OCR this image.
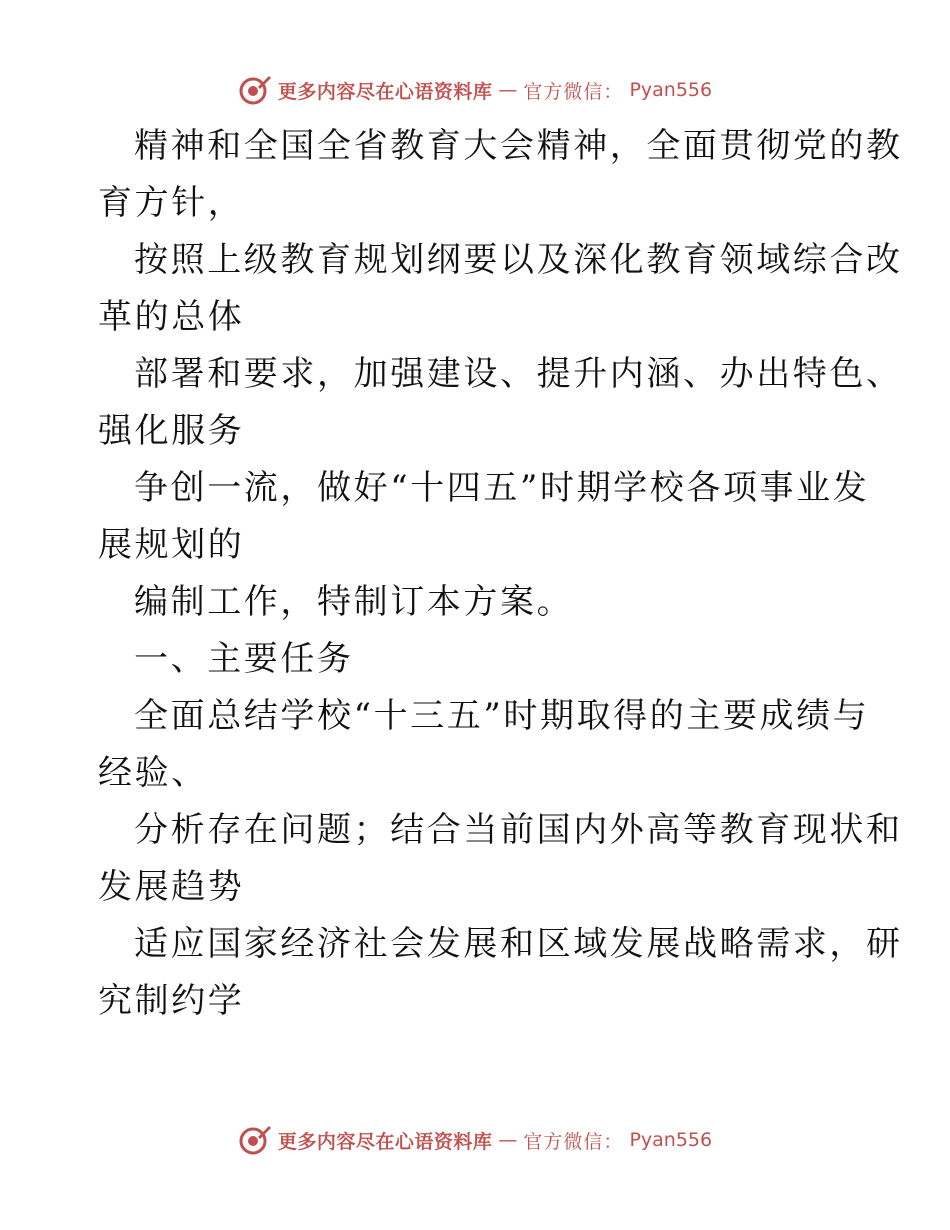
更多内容尽在心语资料库 — 官方微信： Pyan556
精神和全国全省教育大会精神，全面贯彻党的教
育方针，
按照上级教育规划纲要以及深化教育领域综合改
革的总体
部署和要求，加强建设、提升内涵、办出特色、
强化服务
争创一流，做好“十四五”时期学校各项事业发
展规划的
编制工作，特制订本方案。
一、主要任务
全面总结学校“十三五”时期取得的主要成绩与
经验、
分析存在问题；结合当前国内外高等教育现状和
发展趋势
适应国家经济社会发展和区域发展战略需求，研
究制约学
更多内容尽在心语资料库 — 官方微信： Pyan556
